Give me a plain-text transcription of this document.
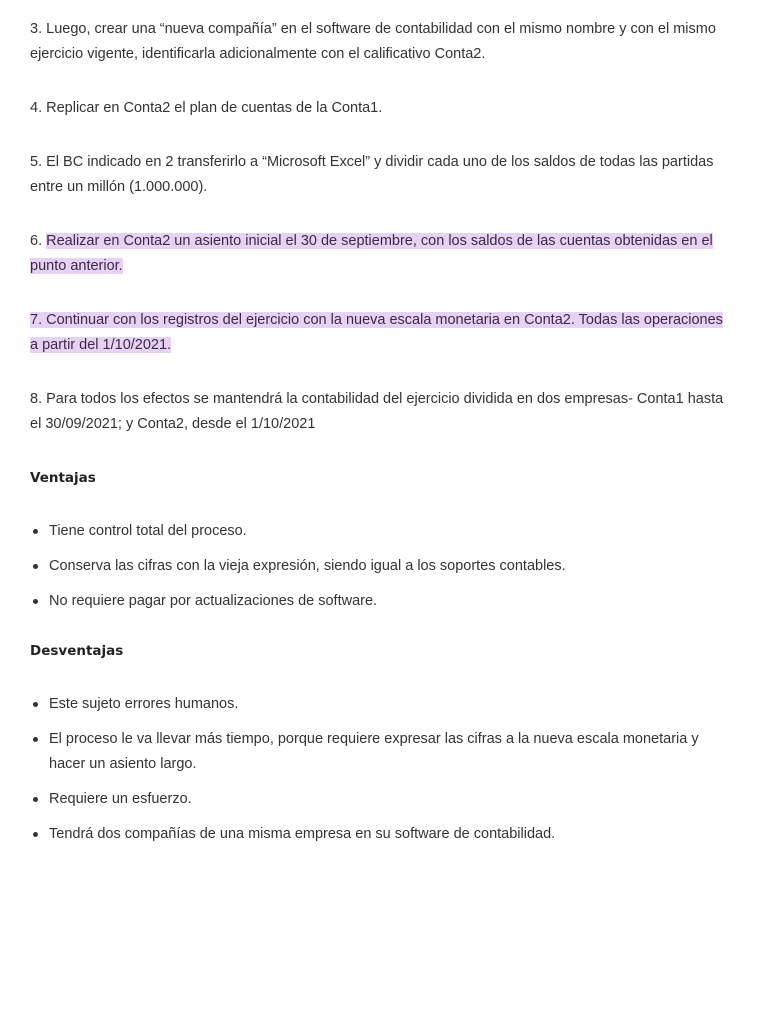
3. Luego, crear una “nueva compañía” en el software de contabilidad con el mismo nombre y con el mismo ejercicio vigente, identificarla adicionalmente con el calificativo Conta2.

4. Replicar en Conta2 el plan de cuentas de la Conta1.

5. El BC indicado en 2 transferirlo a “Microsoft Excel” y dividir cada uno de los saldos de todas las partidas entre un millón (1.000.000).

6. Realizar en Conta2 un asiento inicial el 30 de septiembre, con los saldos de las cuentas obtenidas en el punto anterior.

7. Continuar con los registros del ejercicio con la nueva escala monetaria en Conta2. Todas las operaciones a partir del 1/10/2021.

8. Para todos los efectos se mantendrá la contabilidad del ejercicio dividida en dos empresas- Conta1 hasta el 30/09/2021; y Conta2, desde el 1/10/2021

Ventajas

Tiene control total del proceso.
Conserva las cifras con la vieja expresión, siendo igual a los soportes contables.
No requiere pagar por actualizaciones de software.

Desventajas

Este sujeto errores humanos.
El proceso le va llevar más tiempo, porque requiere expresar las cifras a la nueva escala monetaria y hacer un asiento largo.
Requiere un esfuerzo.
Tendrá dos compañías de una misma empresa en su software de contabilidad.
